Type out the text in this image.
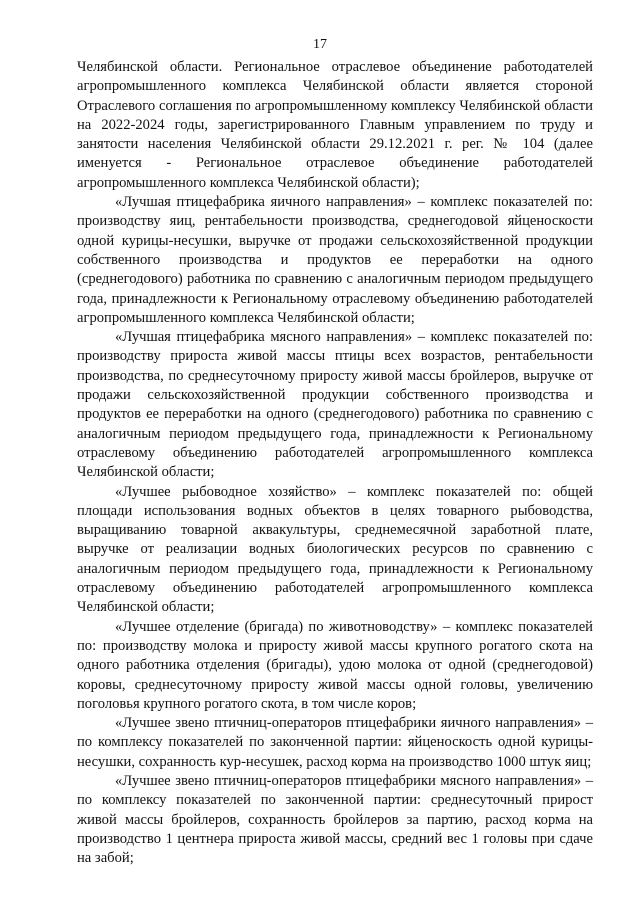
17

Челябинской области. Региональное отраслевое объединение работодателей агропромышленного комплекса Челябинской области является стороной Отраслевого соглашения по агропромышленному комплексу Челябинской области на 2022-2024 годы, зарегистрированного Главным управлением по труду и занятости населения Челябинской области 29.12.2021 г. рег. № 104 (далее именуется - Региональное отраслевое объединение работодателей агропромышленного комплекса Челябинской области);

«Лучшая птицефабрика яичного направления» – комплекс показателей по: производству яиц, рентабельности производства, среднегодовой яйценоскости одной курицы-несушки, выручке от продажи сельскохозяйственной продукции собственного производства и продуктов ее переработки на одного (среднегодового) работника по сравнению с аналогичным периодом предыдущего года, принадлежности к Региональному отраслевому объединению работодателей агропромышленного комплекса Челябинской области;

«Лучшая птицефабрика мясного направления» – комплекс показателей по: производству прироста живой массы птицы всех возрастов, рентабельности производства, по среднесуточному приросту живой массы бройлеров, выручке от продажи сельскохозяйственной продукции собственного производства и продуктов ее переработки на одного (среднегодового) работника по сравнению с аналогичным периодом предыдущего года, принадлежности к Региональному отраслевому объединению работодателей агропромышленного комплекса Челябинской области;

«Лучшее рыбоводное хозяйство» – комплекс показателей по: общей площади использования водных объектов в целях товарного рыбоводства, выращиванию товарной аквакультуры, среднемесячной заработной плате, выручке от реализации водных биологических ресурсов по сравнению с аналогичным периодом предыдущего года, принадлежности к Региональному отраслевому объединению работодателей агропромышленного комплекса Челябинской области;

«Лучшее отделение (бригада) по животноводству» – комплекс показателей по: производству молока и приросту живой массы крупного рогатого скота на одного работника отделения (бригады), удою молока от одной (среднегодовой) коровы, среднесуточному приросту живой массы одной головы, увеличению поголовья крупного рогатого скота, в том числе коров;

«Лучшее звено птичниц-операторов птицефабрики яичного направления» – по комплексу показателей по законченной партии: яйценоскость одной курицы-несушки, сохранность кур-несушек, расход корма на производство 1000 штук яиц;

«Лучшее звено птичниц-операторов птицефабрики мясного направления» – по комплексу показателей по законченной партии: среднесуточный прирост живой массы бройлеров, сохранность бройлеров за партию, расход корма на производство 1 центнера прироста живой массы, средний вес 1 головы при сдаче на забой;
